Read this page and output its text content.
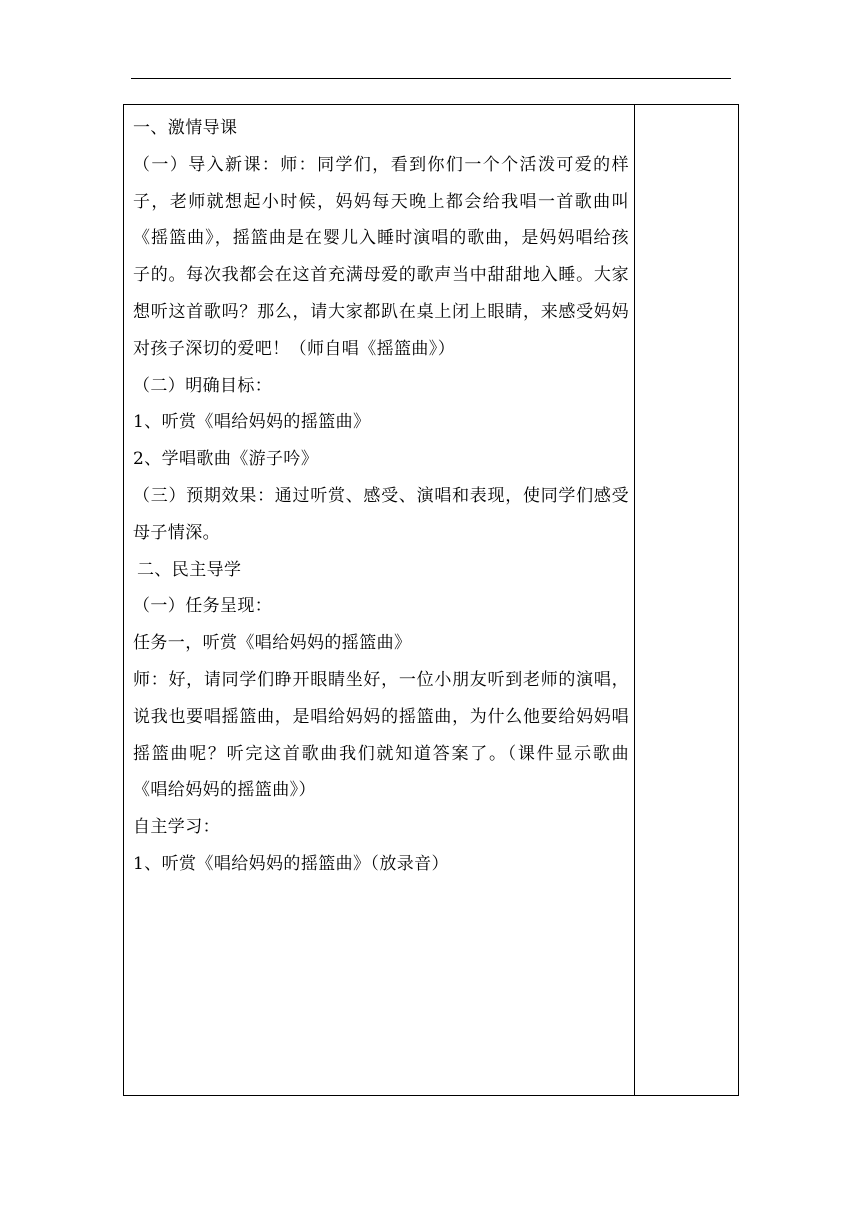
一、激情导课

（一）导入新课：师：同学们，看到你们一个个活泼可爱的样子，老师就想起小时候，妈妈每天晚上都会给我唱一首歌曲叫《摇篮曲》，摇篮曲是在婴儿入睡时演唱的歌曲，是妈妈唱给孩子的。每次我都会在这首充满母爱的歌声当中甜甜地入睡。大家想听这首歌吗？那么，请大家都趴在桌上闭上眼睛，来感受妈妈对孩子深切的爱吧！（师自唱《摇篮曲》）

（二）明确目标：

1、听赏《唱给妈妈的摇篮曲》

2、学唱歌曲《游子吟》

（三）预期效果：通过听赏、感受、演唱和表现，使同学们感受母子情深。

二、民主导学

（一）任务呈现：

任务一，听赏《唱给妈妈的摇篮曲》

师：好，请同学们睁开眼睛坐好，一位小朋友听到老师的演唱，说我也要唱摇篮曲，是唱给妈妈的摇篮曲，为什么他要给妈妈唱摇篮曲呢？听完这首歌曲我们就知道答案了。（课件显示歌曲《唱给妈妈的摇篮曲》）

自主学习：

1、听赏《唱给妈妈的摇篮曲》（放录音）
